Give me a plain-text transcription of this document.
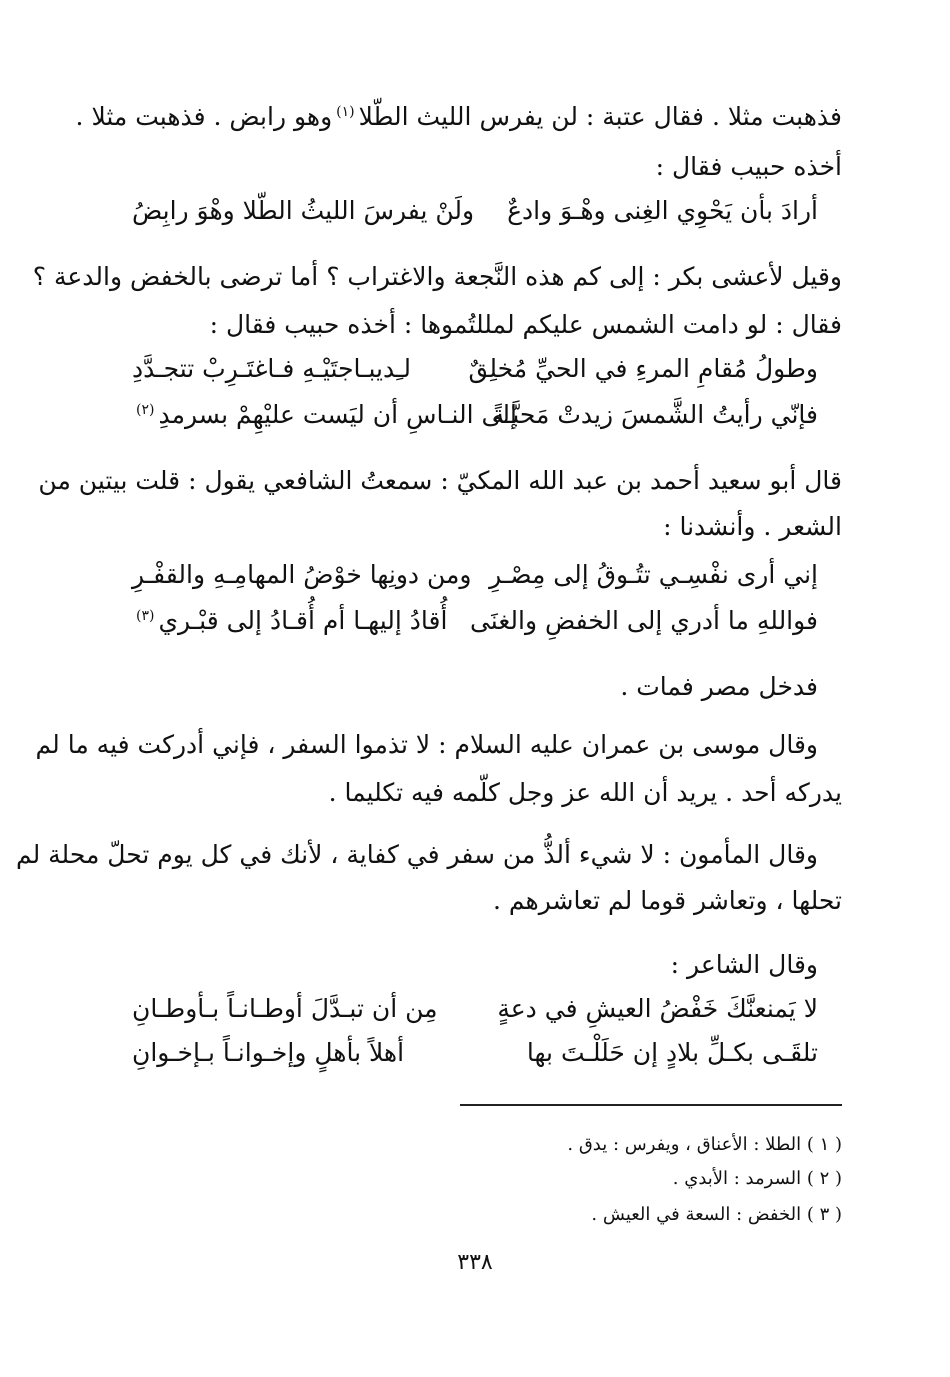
فذهبت مثلا . فقال عتبة : لن يفرس الليث الطّلا$^{(١)}$وهو رابض . فذهبت مثلا .
أخذه حبيب فقال :
أرادَ بأن يَحْوِي الغِنى وهْـوَ وادعٌ
ولَنْ يفرسَ الليثُ الطّلا وهْوَ رابِضُ
وقيل لأعشى بكر : إلى كم هذه النَّجعة والاغتراب ؟ أما ترضى بالخفض والدعة ؟
فقال : لو دامت الشمس عليكم لمللتُموها : أخذه حبيب فقال :
وطولُ مُقامِ المرءِ في الحيِّ مُخلِقٌ
لـِديبـاجتَيْـهِ فـاغتَـرِبْ تتجـدَّدِ
فإنّي رأيتُ الشَّمسَ زيدتْ مَحبَّـةً
إلى النـاسِ أن ليَست عليْهِمْ بسرمدِ$^{(٢)}$
قال أبو سعيد أحمد بن عبد الله المكيّ : سمعتُ الشافعي يقول : قلت بيتين من
الشعر . وأنشدنا :
إني أرى نفْسِـي تتُـوقُ إلى مِصْـرِ
ومن دونِها خوْضُ المهامِـهِ والقفْـرِ
فواللهِ ما أدري إلى الخفضِ والغنَى
أُقادُ إليهـا أم أُقـادُ إلى قبْـري$^{(٣)}$
فدخل مصر فمات .
وقال موسى بن عمران عليه السلام : لا تذموا السفر ، فإني أدركت فيه ما لم
يدركه أحد . يريد أن الله عز وجل كلّمه فيه تكليما .
وقال المأمون : لا شيء ألذُّ من سفر في كفاية ، لأنك في كل يوم تحلّ محلة لم
تحلها ، وتعاشر قوما لم تعاشرهم .
وقال الشاعر :
لا يَمنعنَّكَ خَفْضُ العيشِ في دعةٍ
مِن أن تبـدَّلَ أوطـانـاً بـأوطـانِ
تلقَـى بكـلِّ بلادٍ إن حَلَلْـتَ بها
أهلاً بأهلٍ وإخـوانـاً بـإخـوانِ
( ١ ) الطلا : الأعناق ، ويفرس : يدق .
( ٢ ) السرمد : الأبدي .
( ٣ ) الخفض : السعة في العيش .
٣٣٨
